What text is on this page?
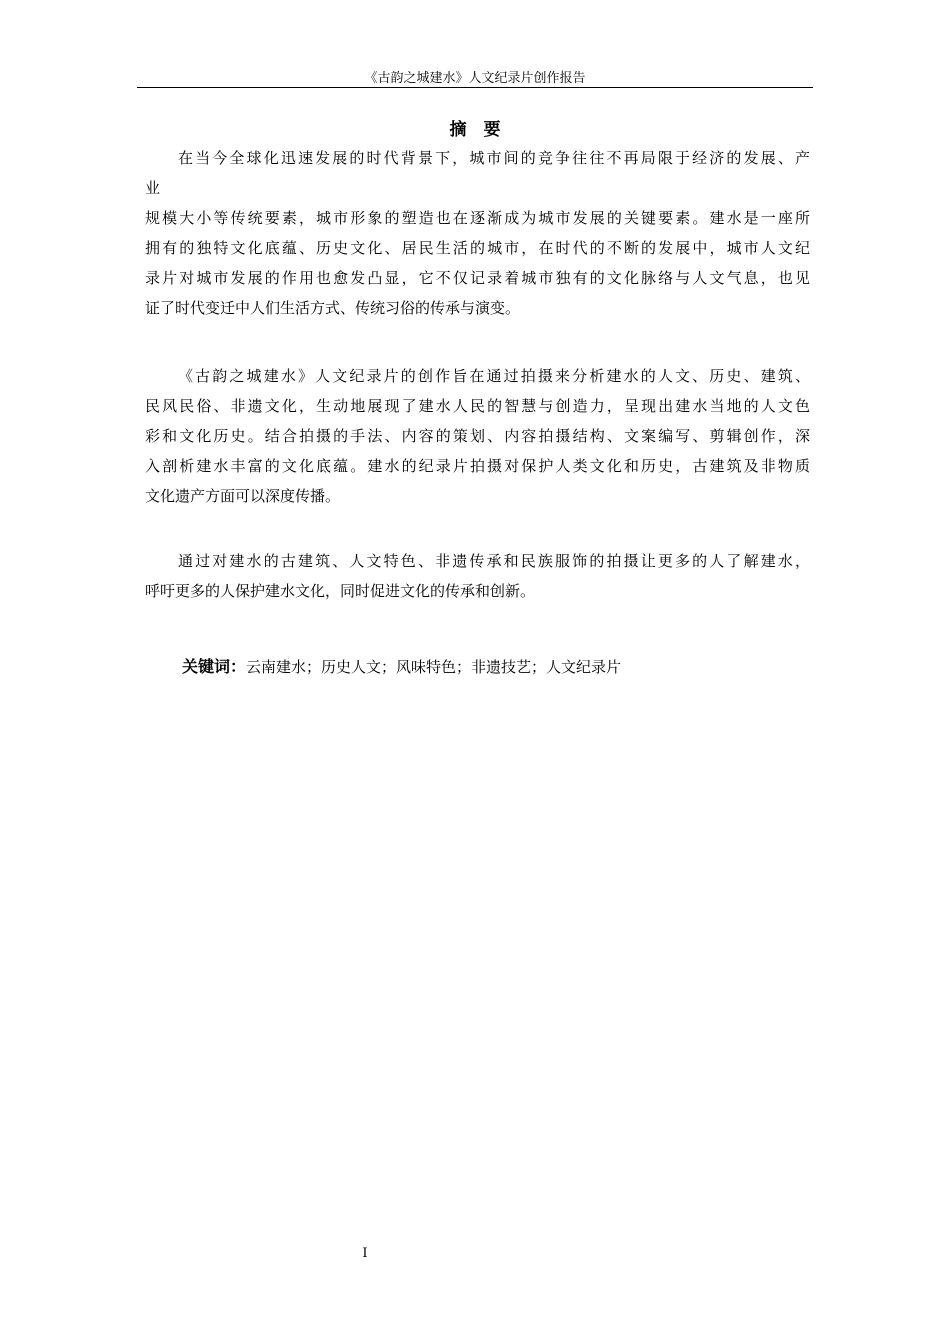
《古韵之城建水》人文纪录片创作报告
摘　要
在当今全球化迅速发展的时代背景下，城市间的竞争往往不再局限于经济的发展、产
业
规模大小等传统要素，城市形象的塑造也在逐渐成为城市发展的关键要素。建水是一座所
拥有的独特文化底蕴、历史文化、居民生活的城市，在时代的不断的发展中，城市人文纪
录片对城市发展的作用也愈发凸显，它不仅记录着城市独有的文化脉络与人文气息，也见
证了时代变迁中人们生活方式、传统习俗的传承与演变。
《古韵之城建水》人文纪录片的创作旨在通过拍摄来分析建水的人文、历史、建筑、
民风民俗、非遗文化，生动地展现了建水人民的智慧与创造力，呈现出建水当地的人文色
彩和文化历史。结合拍摄的手法、内容的策划、内容拍摄结构、文案编写、剪辑创作，深
入剖析建水丰富的文化底蕴。建水的纪录片拍摄对保护人类文化和历史，古建筑及非物质
文化遗产方面可以深度传播。
通过对建水的古建筑、人文特色、非遗传承和民族服饰的拍摄让更多的人了解建水，
呼吁更多的人保护建水文化，同时促进文化的传承和创新。
关键词：云南建水；历史人文；风味特色；非遗技艺；人文纪录片
I
